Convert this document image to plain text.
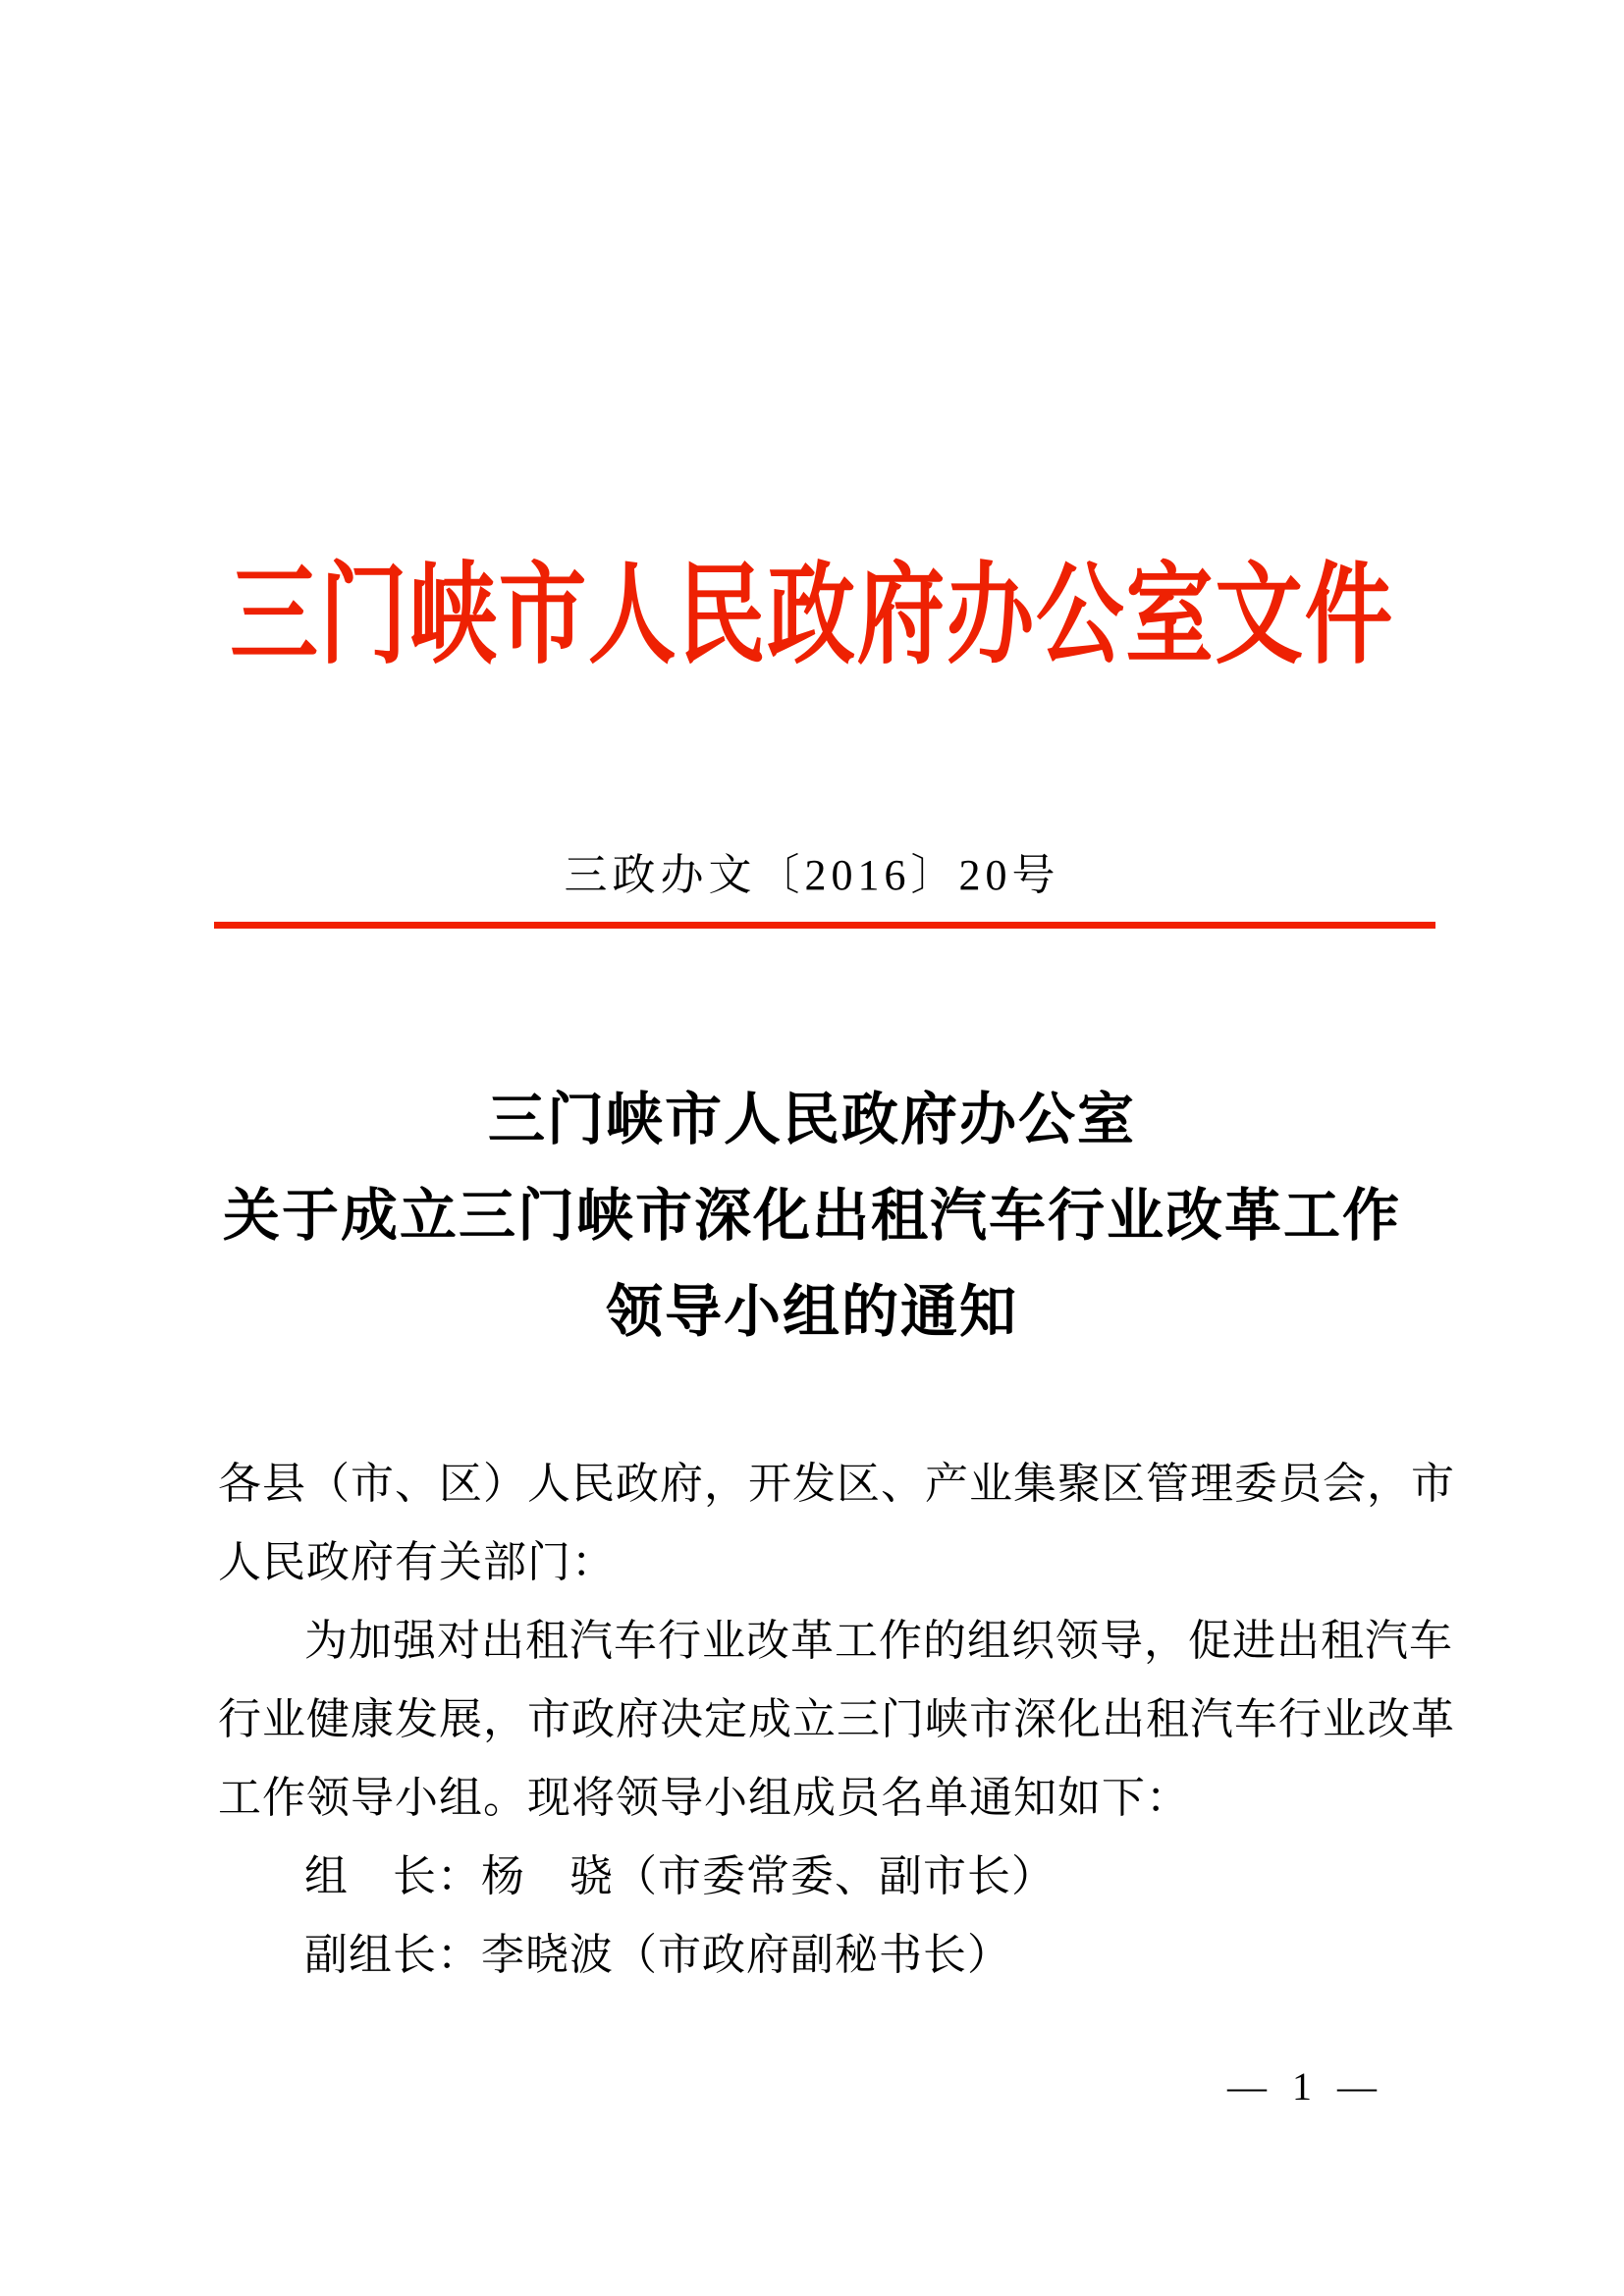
三门峡市人民政府办公室文件
三政办文〔2016〕20号
三门峡市人民政府办公室
关于成立三门峡市深化出租汽车行业改革工作
领导小组的通知
各县（市、区）人民政府，开发区、产业集聚区管理委员会，市
人民政府有关部门：
为加强对出租汽车行业改革工作的组织领导，促进出租汽车
行业健康发展，市政府决定成立三门峡市深化出租汽车行业改革
工作领导小组。现将领导小组成员名单通知如下：
组　长：杨　骁（市委常委、副市长）
副组长：李晓波（市政府副秘书长）
— 1 —
